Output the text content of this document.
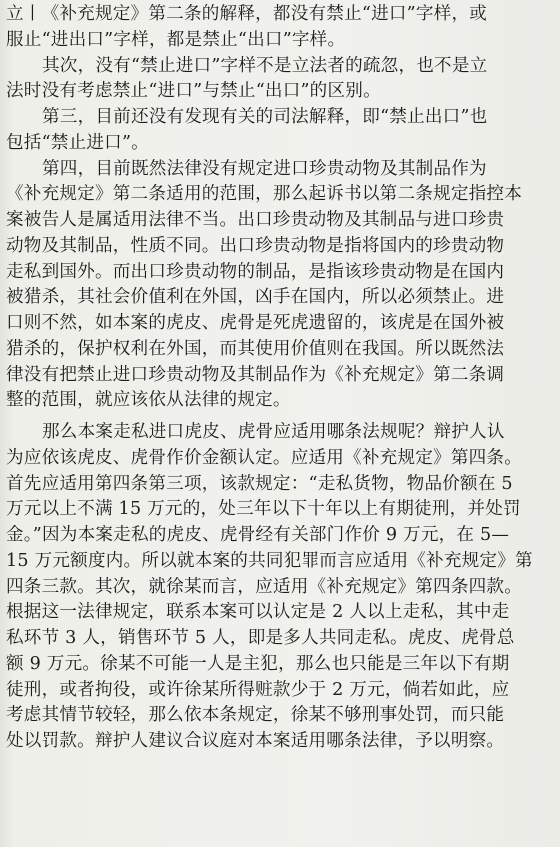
立丨《补充规定》第二条的解释，都没有禁止“进口”字样，或
服止“进出口”字样，都是禁止“出口”字样。
其次，没有“禁止进口”字样不是立法者的疏忽，也不是立
法时没有考虑禁止“进口”与禁止“出口”的区别。
第三，目前还没有发现有关的司法解释，即“禁止出口”也
包括“禁止进口”。
第四，目前既然法律没有规定进口珍贵动物及其制品作为
《补充规定》第二条适用的范围，那么起诉书以第二条规定指控本
案被告人是属适用法律不当。出口珍贵动物及其制品与进口珍贵
动物及其制品，性质不同。出口珍贵动物是指将国内的珍贵动物
走私到国外。而出口珍贵动物的制品，是指该珍贵动物是在国内
被猎杀，其社会价值利在外国，凶手在国内，所以必须禁止。进
口则不然，如本案的虎皮、虎骨是死虎遗留的，该虎是在国外被
猎杀的，保护权利在外国，而其使用价值则在我国。所以既然法
律没有把禁止进口珍贵动物及其制品作为《补充规定》第二条调
整的范围，就应该依从法律的规定。
那么本案走私进口虎皮、虎骨应适用哪条法规呢？辩护人认
为应依该虎皮、虎骨作价金额认定。应适用《补充规定》第四条。
首先应适用第四条第三项，该款规定：“走私货物，物品价额在 5
万元以上不满 15 万元的，处三年以下十年以上有期徒刑，并处罚
金。”因为本案走私的虎皮、虎骨经有关部门作价 9 万元，在 5—
15 万元额度内。所以就本案的共同犯罪而言应适用《补充规定》第
四条三款。其次，就徐某而言，应适用《补充规定》第四条四款。
根据这一法律规定，联系本案可以认定是 2 人以上走私，其中走
私环节 3 人，销售环节 5 人，即是多人共同走私。虎皮、虎骨总
额 9 万元。徐某不可能一人是主犯，那么也只能是三年以下有期
徒刑，或者拘役，或许徐某所得赃款少于 2 万元，倘若如此，应
考虑其情节较轻，那么依本条规定，徐某不够刑事处罚，而只能
处以罚款。辩护人建议合议庭对本案适用哪条法律，予以明察。
